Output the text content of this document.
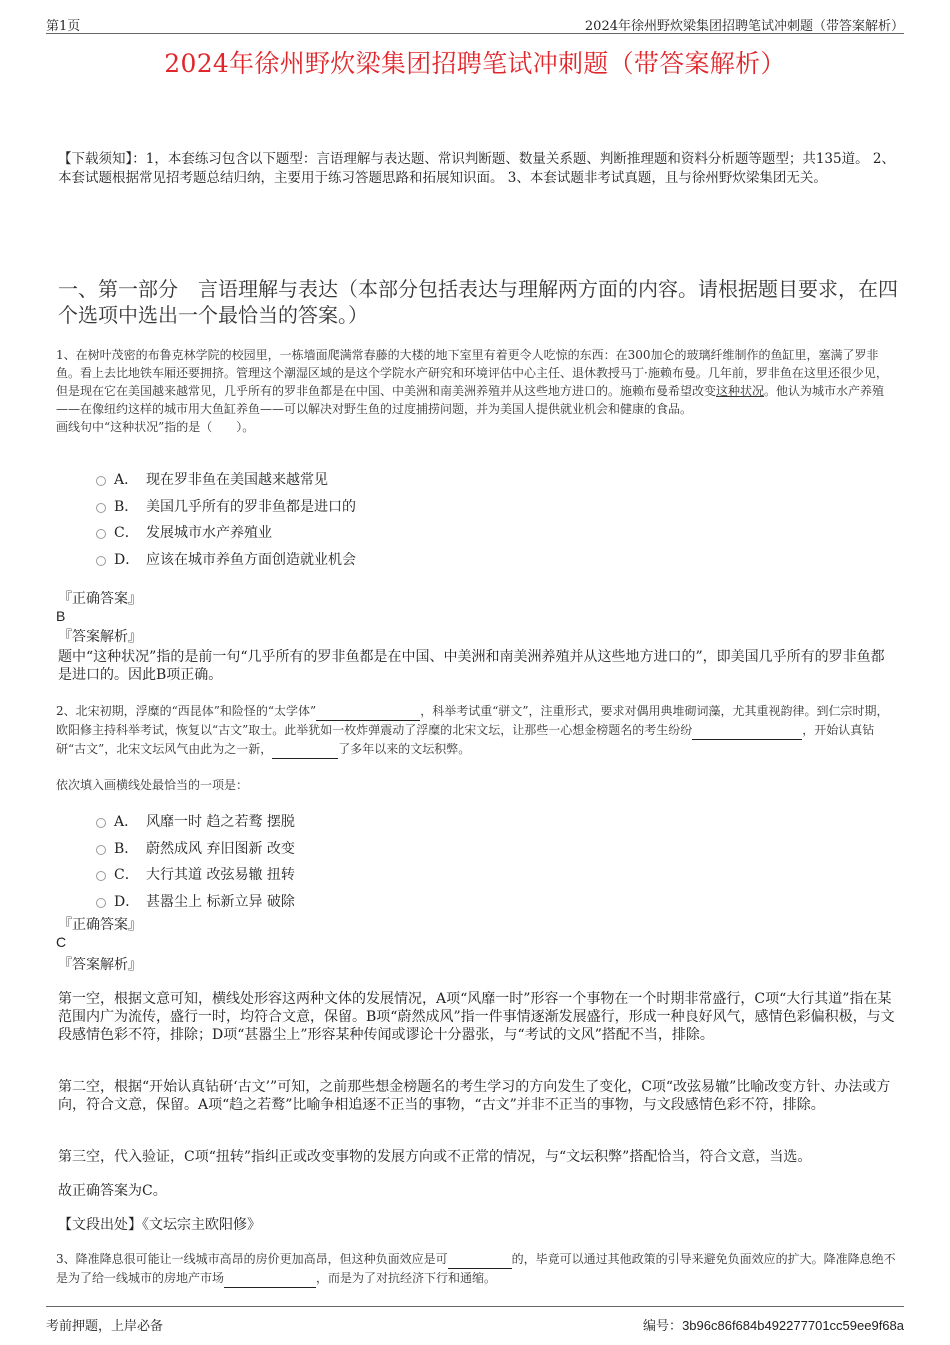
第1页	2024年徐州野炊梁集团招聘笔试冲刺题（带答案解析）
2024年徐州野炊梁集团招聘笔试冲刺题（带答案解析）
【下载须知】：1，本套练习包含以下题型：言语理解与表达题、常识判断题、数量关系题、判断推理题和资料分析题等题型；共135道。 2、本套试题根据常见招考题总结归纳，主要用于练习答题思路和拓展知识面。 3、本套试题非考试真题，且与徐州野炊梁集团无关。
一、第一部分　言语理解与表达（本部分包括表达与理解两方面的内容。请根据题目要求，在四个选项中选出一个最恰当的答案。）
1、在树叶茂密的布鲁克林学院的校园里，一栋墙面爬满常春藤的大楼的地下室里有着更令人吃惊的东西：在300加仑的玻璃纤维制作的鱼缸里，塞满了罗非鱼。看上去比地铁车厢还要拥挤。管理这个潮湿区域的是这个学院水产研究和环境评估中心主任、退休教授马丁·施赖布曼。几年前，罗非鱼在这里还很少见，但是现在它在美国越来越常见，几乎所有的罗非鱼都是在中国、中美洲和南美洲养殖并从这些地方进口的。施赖布曼希望改变这种状况。他认为城市水产养殖——在像纽约这样的城市用大鱼缸养鱼——可以解决对野生鱼的过度捕捞问题，并为美国人提供就业机会和健康的食品。
画线句中“这种状况”指的是（　　）。
A． 现在罗非鱼在美国越来越常见
B． 美国几乎所有的罗非鱼都是进口的
C． 发展城市水产养殖业
D． 应该在城市养鱼方面创造就业机会
『正确答案』
B
『答案解析』
题中“这种状况”指的是前一句“几乎所有的罗非鱼都是在中国、中美洲和南美洲养殖并从这些地方进口的”，即美国几乎所有的罗非鱼都是进口的。因此B项正确。
2、北宋初期，浮糜的“西昆体”和险怪的“太学体”	，科举考试重“骈文”，注重形式，要求对偶用典堆砌词藻，尤其重视韵律。到仁宗时期，欧阳修主持科举考试，恢复以“古文”取士。此举犹如一枚炸弹震动了浮糜的北宋文坛，让那些一心想金榜题名的考生纷纷	，开始认真钻研“古文”，北宋文坛风气由此为之一新，	了多年以来的文坛积弊。
依次填入画横线处最恰当的一项是：
A． 风靡一时 趋之若鹜 摆脱
B． 蔚然成风 弃旧图新 改变
C． 大行其道 改弦易辙 扭转
D． 甚嚣尘上 标新立异 破除
『正确答案』
C
『答案解析』
第一空，根据文意可知，横线处形容这两种文体的发展情况，A项“风靡一时”形容一个事物在一个时期非常盛行，C项“大行其道”指在某范围内广为流传，盛行一时，均符合文意，保留。B项“蔚然成风”指一件事情逐渐发展盛行，形成一种良好风气，感情色彩偏积极，与文段感情色彩不符，排除；D项“甚嚣尘上”形容某种传闻或谬论十分嚣张，与“考试的文风”搭配不当，排除。
第二空，根据“开始认真钻研‘古文’”可知，之前那些想金榜题名的考生学习的方向发生了变化，C项“改弦易辙”比喻改变方针、办法或方向，符合文意，保留。A项“趋之若鹜”比喻争相追逐不正当的事物，“古文”并非不正当的事物，与文段感情色彩不符，排除。
第三空，代入验证，C项“扭转”指纠正或改变事物的发展方向或不正常的情况，与“文坛积弊”搭配恰当，符合文意，当选。
故正确答案为C。
【文段出处】《文坛宗主欧阳修》
3、降准降息很可能让一线城市高昂的房价更加高昂，但这种负面效应是可	的，毕竟可以通过其他政策的引导来避免负面效应的扩大。降准降息绝不是为了给一线城市的房地产市场	，而是为了对抗经济下行和通缩。
考前押题，上岸必备	编号：3b96c86f684b492277701cc59ee9f68a
